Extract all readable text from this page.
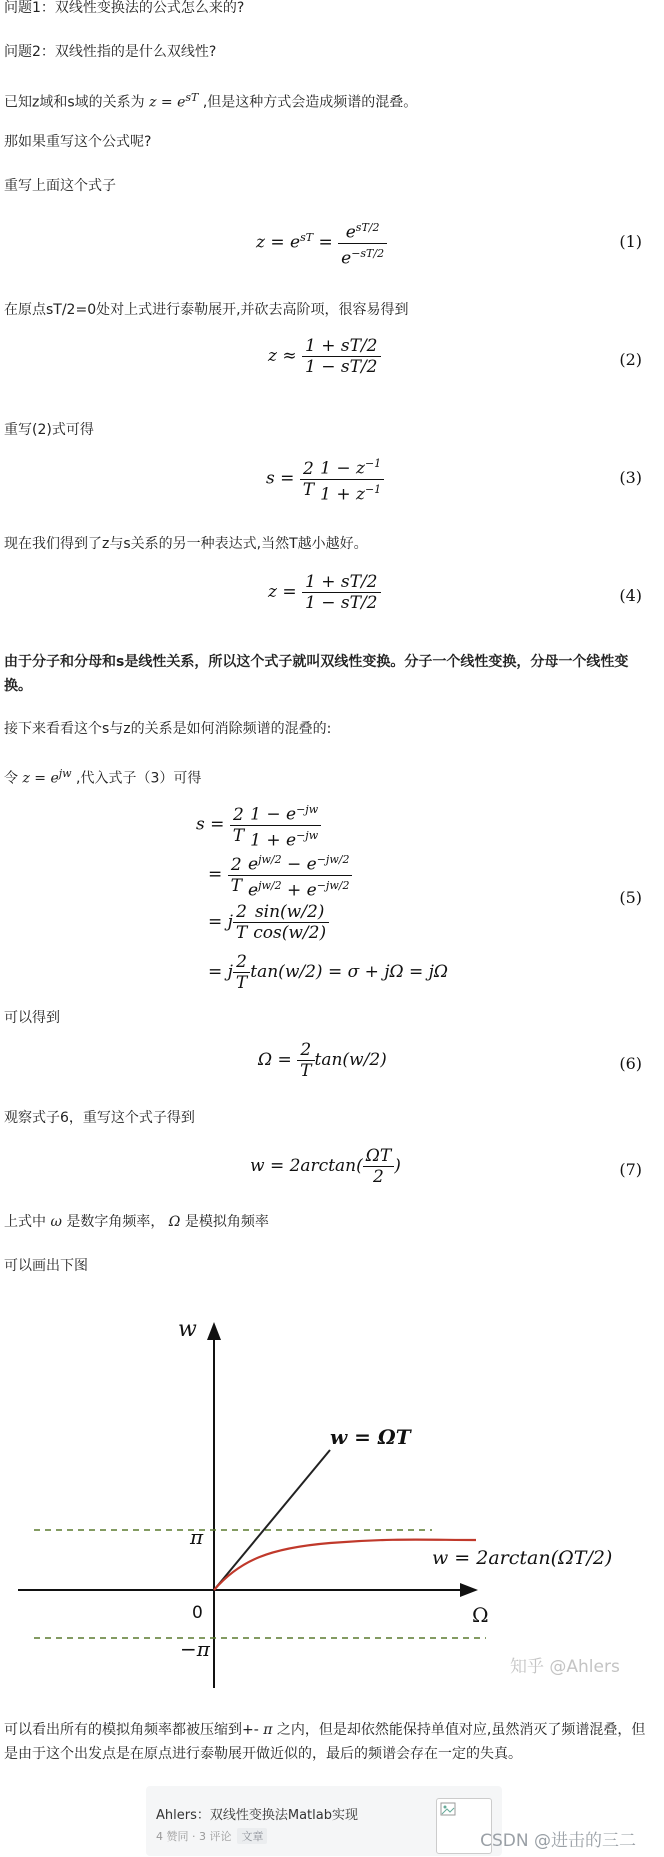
问题1：双线性变换法的公式怎么来的?
问题2：双线性指的是什么双线性?
已知z域和s域的关系为 $z = e^{sT}$ ,但是这种方式会造成频谱的混叠。
那如果重写这个公式呢?
重写上面这个式子
$z = e^{sT} = \frac{e^{sT/2}}{e^{-sT/2}}$	(1)
在原点sT/2=0处对上式进行泰勒展开,并砍去高阶项，很容易得到
$z \approx \frac{1 + sT/2}{1 - sT/2}$	(2)
重写(2)式可得
$s = \frac{2}{T} \frac{1 - z^{-1}}{1 + z^{-1}}$	(3)
现在我们得到了z与s关系的另一种表达式,当然T越小越好。
$z = \frac{1 + sT/2}{1 - sT/2}$	(4)
由于分子和分母和s是线性关系，所以这个式子就叫双线性变换。分子一个线性变换，分母一个线性变换。
接下来看看这个s与z的关系是如何消除频谱的混叠的:
令 $z = e^{jw}$ ,代入式子（3）可得
$s = \frac{2}{T} \frac{1 - e^{-jw}}{1 + e^{-jw}}$
= $\frac{2}{T} \frac{e^{jw/2} - e^{-jw/2}}{e^{jw/2} + e^{-jw/2}}$
= j $\frac{2}{T} \frac{\sin(w/2)}{\cos(w/2)}$
= j $\frac{2}{T} \tan(w/2) = \sigma + j\Omega = j\Omega$
(5)
可以得到
$\Omega = \frac{2}{T} \tan(w/2)$	(6)
观察式子6，重写这个式子得到
$w = 2\arctan( \frac{\Omega T}{2}$ )	(7)
上式中 ω 是数字角频率， Ω 是模拟角频率
可以画出下图
w
Ω
0
π
−π
w = ΩT
w = 2arctan(ΩT/2)
知乎 @Ahlers
可以看出所有的模拟角频率都被压缩到+- π 之内，但是却依然能保持单值对应,虽然消灭了频谱混叠，但是由于这个出发点是在原点进行泰勒展开做近似的，最后的频谱会存在一定的失真。
Ahlers：双线性变换法Matlab实现
4 赞同 · 3 评论 文章	CSDN @进击的三二
